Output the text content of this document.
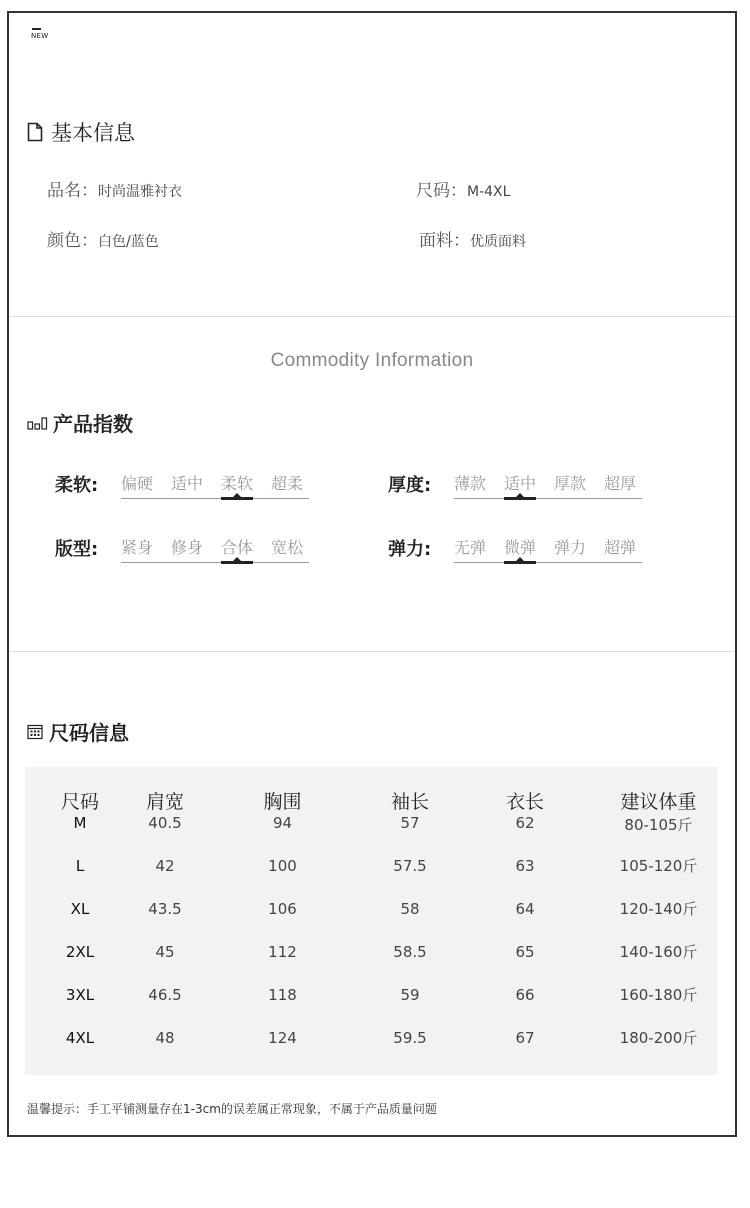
NEW
基本信息
品名：时尚温雅衬衣	尺码：M-4XL
颜色：白色/蓝色	面料：优质面料
Commodity Information
产品指数
柔软:	偏硬 适中 柔软 超柔	厚度:	薄款 适中 厚款 超厚
版型:	紧身 修身 合体 宽松	弹力:	无弹 微弹 弹力 超弹
尺码信息
尺码	肩宽	胸围	袖长	衣长	建议体重
M	40.5	94	57	62	80-105斤
L	42	100	57.5	63	105-120斤
XL	43.5	106	58	64	120-140斤
2XL	45	112	58.5	65	140-160斤
3XL	46.5	118	59	66	160-180斤
4XL	48	124	59.5	67	180-200斤
温馨提示：手工平铺测量存在1-3cm的误差属正常现象，不属于产品质量问题
